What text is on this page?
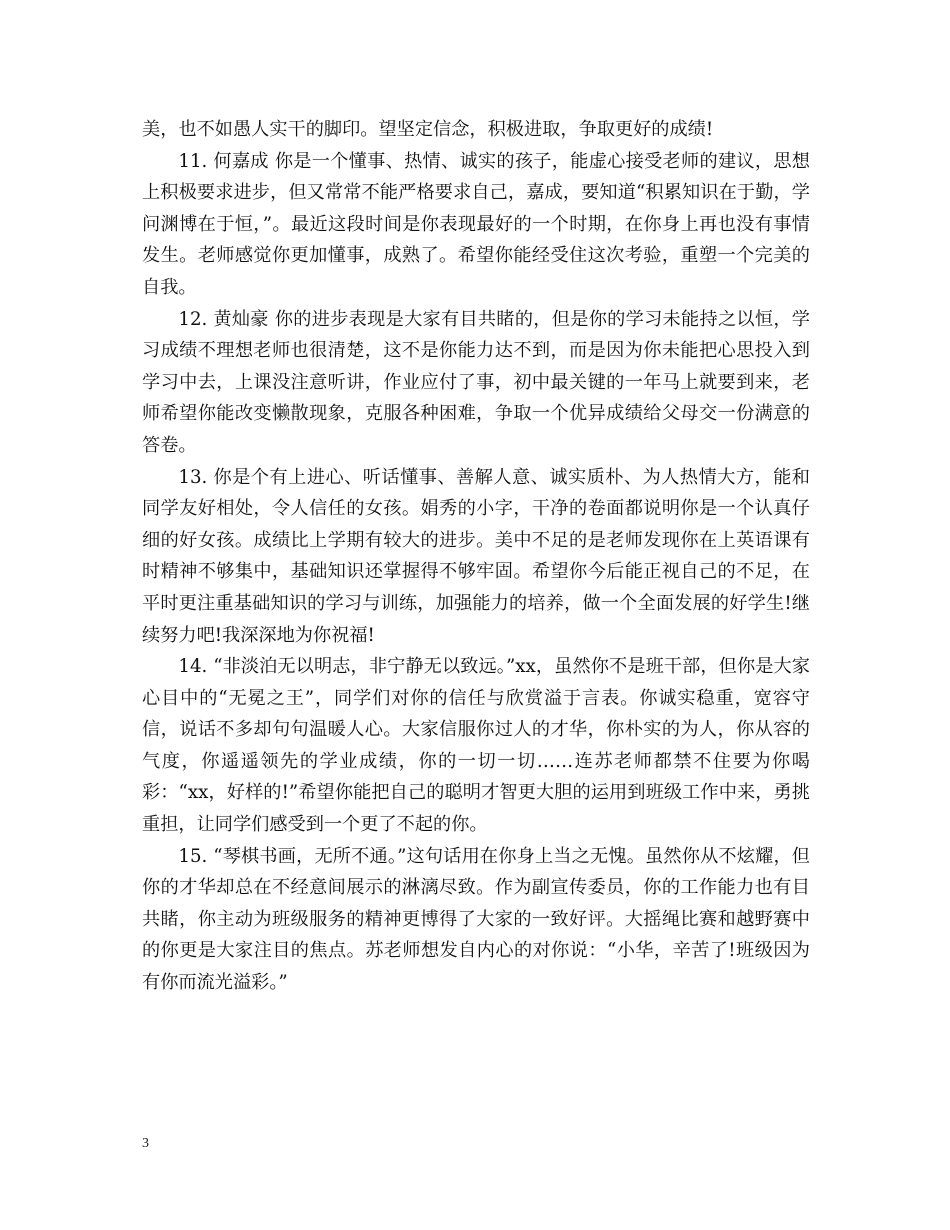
美，也不如愚人实干的脚印。望坚定信念，积极进取，争取更好的成绩!

11. 何嘉成 你是一个懂事、热情、诚实的孩子，能虚心接受老师的建议，思想上积极要求进步，但又常常不能严格要求自己，嘉成，要知道“积累知识在于勤，学问渊博在于恒，”。最近这段时间是你表现最好的一个时期，在你身上再也没有事情发生。老师感觉你更加懂事，成熟了。希望你能经受住这次考验，重塑一个完美的自我。

12. 黄灿豪 你的进步表现是大家有目共睹的，但是你的学习未能持之以恒，学习成绩不理想老师也很清楚，这不是你能力达不到，而是因为你未能把心思投入到学习中去，上课没注意听讲，作业应付了事，初中最关键的一年马上就要到来，老师希望你能改变懒散现象，克服各种困难，争取一个优异成绩给父母交一份满意的答卷。

13. 你是个有上进心、听话懂事、善解人意、诚实质朴、为人热情大方，能和同学友好相处，令人信任的女孩。娟秀的小字，干净的卷面都说明你是一个认真仔细的好女孩。成绩比上学期有较大的进步。美中不足的是老师发现你在上英语课有时精神不够集中，基础知识还掌握得不够牢固。希望你今后能正视自己的不足，在平时更注重基础知识的学习与训练，加强能力的培养，做一个全面发展的好学生!继续努力吧!我深深地为你祝福!

14. “非淡泊无以明志，非宁静无以致远。”xx，虽然你不是班干部，但你是大家心目中的“无冕之王”，同学们对你的信任与欣赏溢于言表。你诚实稳重，宽容守信，说话不多却句句温暖人心。大家信服你过人的才华，你朴实的为人，你从容的气度，你遥遥领先的学业成绩，你的一切一切……连苏老师都禁不住要为你喝彩：“xx，好样的!”希望你能把自己的聪明才智更大胆的运用到班级工作中来，勇挑重担，让同学们感受到一个更了不起的你。

15. “琴棋书画，无所不通。”这句话用在你身上当之无愧。虽然你从不炫耀，但你的才华却总在不经意间展示的淋漓尽致。作为副宣传委员，你的工作能力也有目共睹，你主动为班级服务的精神更博得了大家的一致好评。大摇绳比赛和越野赛中的你更是大家注目的焦点。苏老师想发自内心的对你说：“小华，辛苦了!班级因为有你而流光溢彩。”

3
